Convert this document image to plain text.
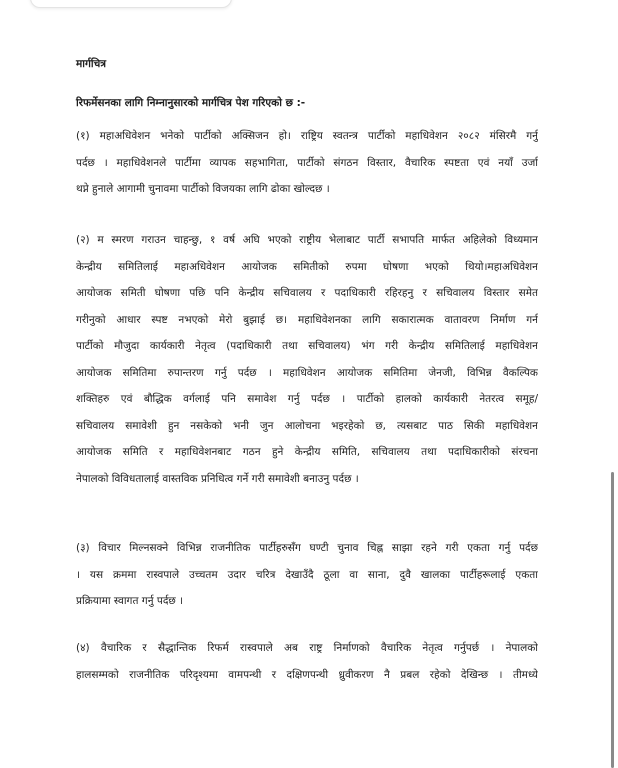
मार्गचित्र
रिफर्मेसनका लागि निम्नानुसारको मार्गचित्र पेश गरिएको छ :-
(१) महाअधिवेशन भनेको पार्टीको अक्सिजन हो। राष्ट्रिय स्वतन्त्र पार्टीको महाधिवेशन २०८२ मंसिरमै गर्नु
पर्दछ । महाधिवेशनले पार्टीमा व्यापक सहभागिता, पार्टीको संगठन विस्तार, वैचारिक स्पष्टता एवं नयाँ उर्जा
थप्ने हुनाले आगामी चुनावमा पार्टीको विजयका लागि ढोका खोल्दछ ।
(२) म स्मरण गराउन चाहन्छु, १ वर्ष अघि भएको राष्ट्रीय भेलाबाट पार्टी सभापति मार्फत अहिलेको विध्यमान
केन्द्रीय समितिलाई महाअधिवेशन आयोजक समितीको रुपमा घोषणा भएको थियो।महाअधिवेशन
आयोजक समिती घोषणा पछि पनि केन्द्रीय सचिवालय र पदाधिकारी रहिरहनु र सचिवालय विस्तार समेत
गरीनुको आधार स्पष्ट नभएको मेरो बुझाई छ। महाधिवेशनका लागि सकारात्मक वातावरण निर्माण गर्न
पार्टीको मौजुदा कार्यकारी नेतृत्व (पदाधिकारी तथा सचिवालय) भंग गरी केन्द्रीय समितिलाई महाधिवेशन
आयोजक समितिमा रुपान्तरण गर्नु पर्दछ । महाधिवेशन आयोजक समितिमा जेनजी, विभिन्न वैकल्पिक
शक्तिहरु एवं बौद्धिक वर्गलाई पनि समावेश गर्नु पर्दछ । पार्टीको हालको कार्यकारी नेतरत्व समूह/
सचिवालय समावेशी हुन नसकेको भनी जुन आलोचना भइरहेको छ, त्यसबाट पाठ सिकी महाधिवेशन
आयोजक समिति र महाधिवेशनबाट गठन हुने केन्द्रीय समिति, सचिवालय तथा पदाधिकारीको संरचना
नेपालको विविधतालाई वास्तविक प्रनिधित्व गर्ने गरी समावेशी बनाउनु पर्दछ ।
(३) विचार मिल्नसक्ने विभिन्न राजनीतिक पार्टीहरुसँग घण्टी चुनाव चिह्न साझा रहने गरी एकता गर्नु पर्दछ
। यस क्रममा रास्वपाले उच्चतम उदार चरित्र देखाउँदै ठूला वा साना, दुवै खालका पार्टीहरूलाई एकता
प्रक्रियामा स्वागत गर्नु पर्दछ ।
(४) वैचारिक र सैद्धान्तिक रिफर्म रास्वपाले अब राष्ट्र निर्माणको वैचारिक नेतृत्व गर्नुपर्छ । नेपालको
हालसम्मको राजनीतिक परिदृश्यमा वामपन्थी र दक्षिणपन्थी ध्रुवीकरण नै प्रबल रहेको देखिन्छ । तीमध्ये
